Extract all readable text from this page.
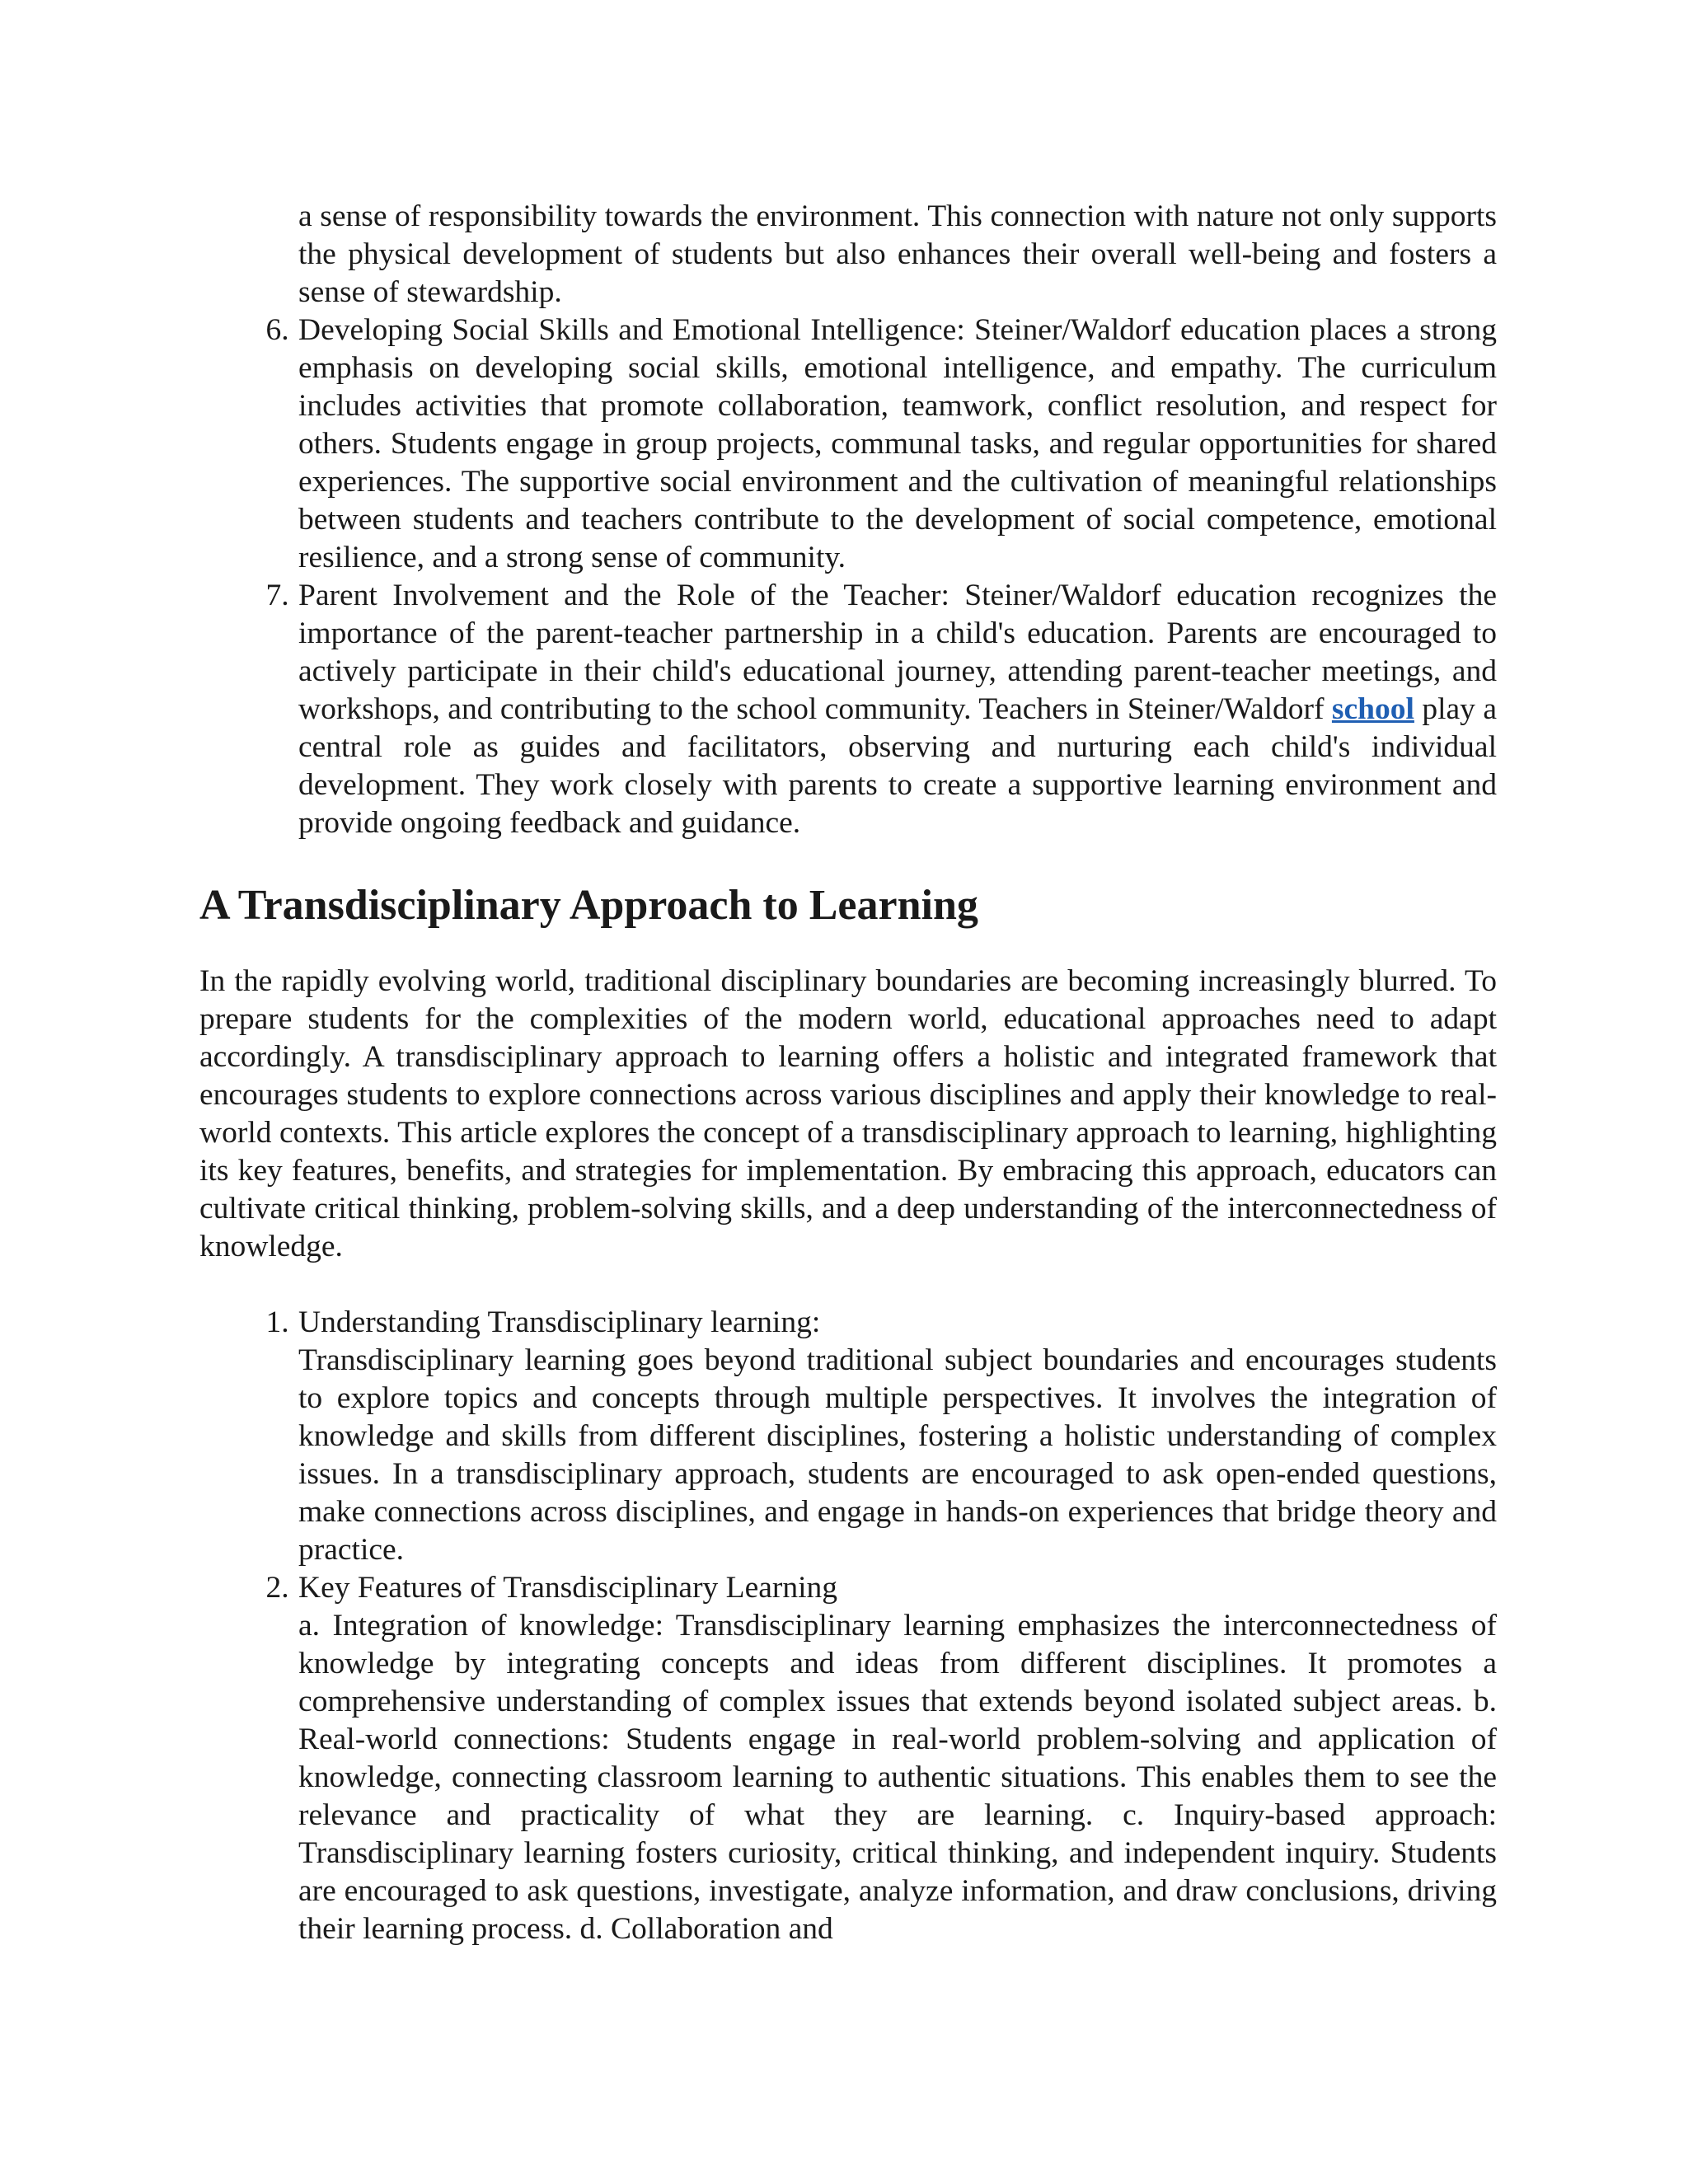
a sense of responsibility towards the environment. This connection with nature not only supports the physical development of students but also enhances their overall well-being and fosters a sense of stewardship.

6. Developing Social Skills and Emotional Intelligence: Steiner/Waldorf education places a strong emphasis on developing social skills, emotional intelligence, and empathy. The curriculum includes activities that promote collaboration, teamwork, conflict resolution, and respect for others. Students engage in group projects, communal tasks, and regular opportunities for shared experiences. The supportive social environment and the cultivation of meaningful relationships between students and teachers contribute to the development of social competence, emotional resilience, and a strong sense of community.
7. Parent Involvement and the Role of the Teacher: Steiner/Waldorf education recognizes the importance of the parent-teacher partnership in a child's education. Parents are encouraged to actively participate in their child's educational journey, attending parent-teacher meetings, and workshops, and contributing to the school community. Teachers in Steiner/Waldorf school play a central role as guides and facilitators, observing and nurturing each child's individual development. They work closely with parents to create a supportive learning environment and provide ongoing feedback and guidance.
A Transdisciplinary Approach to Learning

In the rapidly evolving world, traditional disciplinary boundaries are becoming increasingly blurred. To prepare students for the complexities of the modern world, educational approaches need to adapt accordingly. A transdisciplinary approach to learning offers a holistic and integrated framework that encourages students to explore connections across various disciplines and apply their knowledge to real-world contexts. This article explores the concept of a transdisciplinary approach to learning, highlighting its key features, benefits, and strategies for implementation. By embracing this approach, educators can cultivate critical thinking, problem-solving skills, and a deep understanding of the interconnectedness of knowledge.

1. Understanding Transdisciplinary learning:
Transdisciplinary learning goes beyond traditional subject boundaries and encourages students to explore topics and concepts through multiple perspectives. It involves the integration of knowledge and skills from different disciplines, fostering a holistic understanding of complex issues. In a transdisciplinary approach, students are encouraged to ask open-ended questions, make connections across disciplines, and engage in hands-on experiences that bridge theory and practice.
2. Key Features of Transdisciplinary Learning
a. Integration of knowledge: Transdisciplinary learning emphasizes the interconnectedness of knowledge by integrating concepts and ideas from different disciplines. It promotes a comprehensive understanding of complex issues that extends beyond isolated subject areas. b. Real-world connections: Students engage in real-world problem-solving and application of knowledge, connecting classroom learning to authentic situations. This enables them to see the relevance and practicality of what they are learning. c. Inquiry-based approach: Transdisciplinary learning fosters curiosity, critical thinking, and independent inquiry. Students are encouraged to ask questions, investigate, analyze information, and draw conclusions, driving their learning process. d. Collaboration and
